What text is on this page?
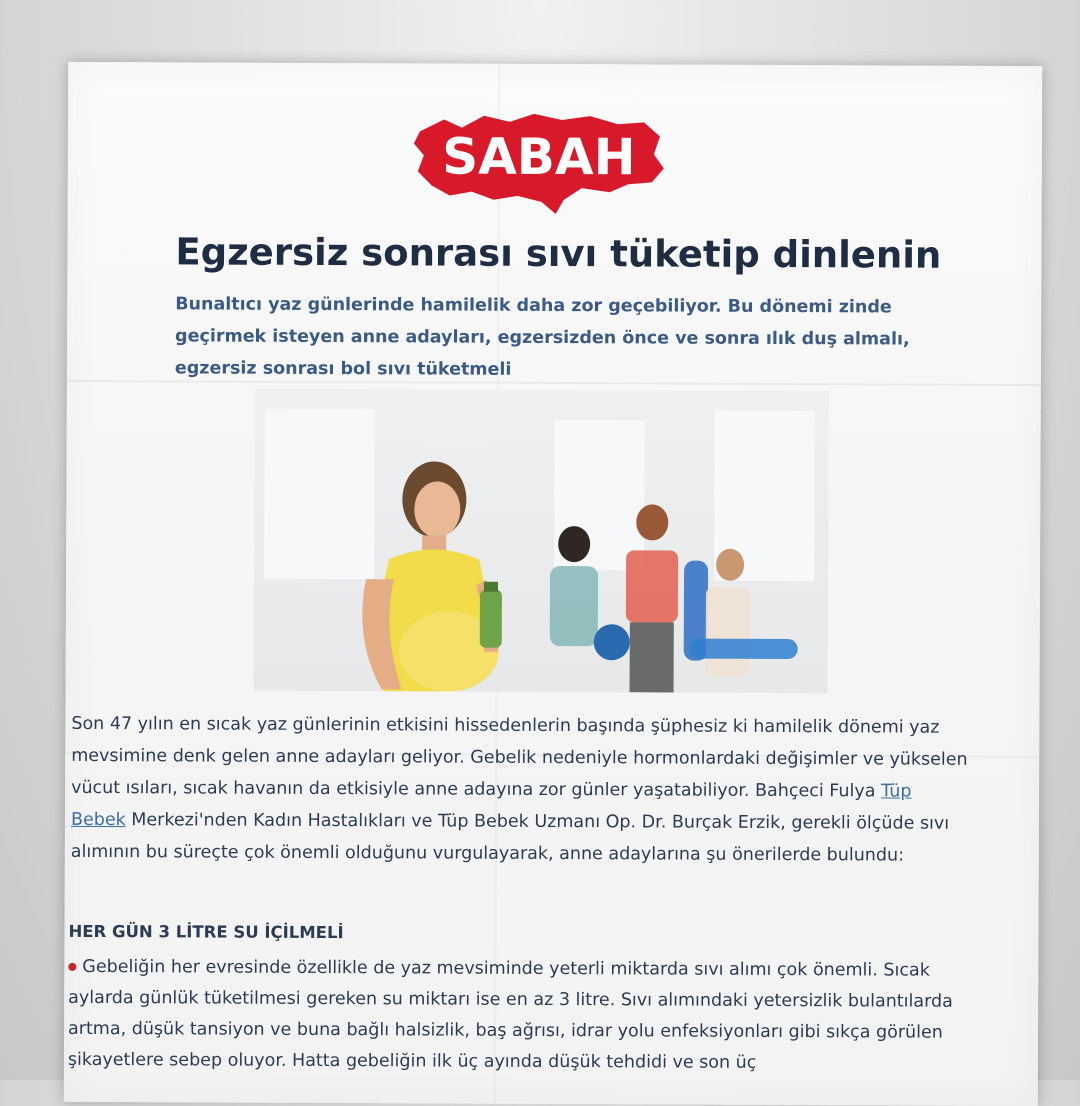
SABAH
Egzersiz sonrası sıvı tüketip dinlenin
Bunaltıcı yaz günlerinde hamilelik daha zor geçebiliyor. Bu dönemi zinde geçirmek isteyen anne adayları, egzersizden önce ve sonra ılık duş almalı, egzersiz sonrası bol sıvı tüketmeli

Son 47 yılın en sıcak yaz günlerinin etkisini hissedenlerin başında şüphesiz ki hamilelik dönemi yaz mevsimine denk gelen anne adayları geliyor. Gebelik nedeniyle hormonlardaki değişimler ve yükselen vücut ısıları, sıcak havanın da etkisiyle anne adayına zor günler yaşatabiliyor. Bahçeci Fulya Tüp Bebek Merkezi'nden Kadın Hastalıkları ve Tüp Bebek Uzmanı Op. Dr. Burçak Erzik, gerekli ölçüde sıvı alımının bu süreçte çok önemli olduğunu vurgulayarak, anne adaylarına şu önerilerde bulundu:

HER GÜN 3 LİTRE SU İÇİLMELİ
Gebeliğin her evresinde özellikle de yaz mevsiminde yeterli miktarda sıvı alımı çok önemli. Sıcak aylarda günlük tüketilmesi gereken su miktarı ise en az 3 litre. Sıvı alımındaki yetersizlik bulantılarda artma, düşük tansiyon ve buna bağlı halsizlik, baş ağrısı, idrar yolu enfeksiyonları gibi sıkça görülen şikayetlere sebep oluyor. Hatta gebeliğin ilk üç ayında düşük tehdidi ve son üç
